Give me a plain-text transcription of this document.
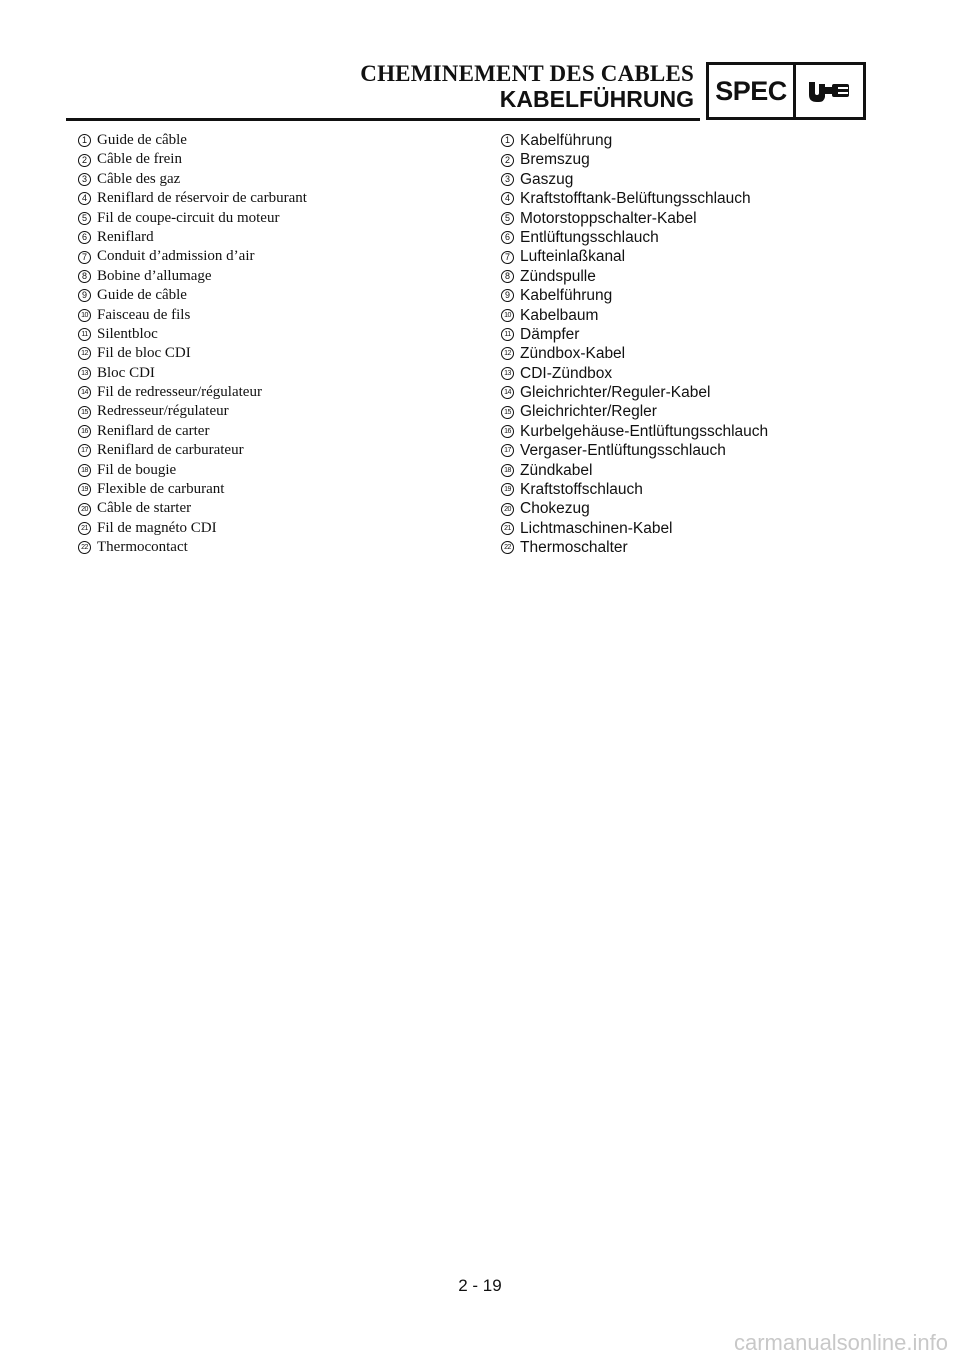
CHEMINEMENT DES CABLES
KABELFÜHRUNG SPEC
1 Guide de câble
2 Câble de frein
3 Câble des gaz
4 Reniflard de réservoir de carburant
5 Fil de coupe-circuit du moteur
6 Reniflard
7 Conduit d’admission d’air
8 Bobine d’allumage
9 Guide de câble
10 Faisceau de fils
11 Silentbloc
12 Fil de bloc CDI
13 Bloc CDI
14 Fil de redresseur/régulateur
15 Redresseur/régulateur
16 Reniflard de carter
17 Reniflard de carburateur
18 Fil de bougie
19 Flexible de carburant
20 Câble de starter
21 Fil de magnéto CDI
22 Thermocontact
1 Kabelführung
2 Bremszug
3 Gaszug
4 Kraftstofftank-Belüftungsschlauch
5 Motorstoppschalter-Kabel
6 Entlüftungsschlauch
7 Lufteinlaßkanal
8 Zündspulle
9 Kabelführung
10 Kabelbaum
11 Dämpfer
12 Zündbox-Kabel
13 CDI-Zündbox
14 Gleichrichter/Reguler-Kabel
15 Gleichrichter/Regler
16 Kurbelgehäuse-Entlüftungsschlauch
17 Vergaser-Entlüftungsschlauch
18 Zündkabel
19 Kraftstoffschlauch
20 Chokezug
21 Lichtmaschinen-Kabel
22 Thermoschalter
2 - 19
carmanualsonline.info
